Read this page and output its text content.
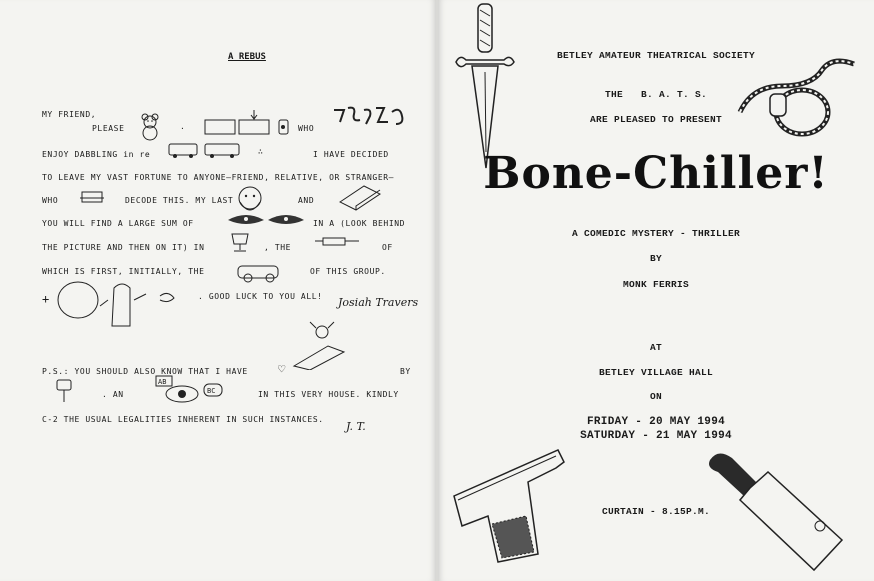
A REBUS
MY FRIEND,
PLEASE	·	WHO
ENJOY DABBLING in re	∴	I HAVE DECIDED
TO LEAVE MY VAST FORTUNE TO ANYONE—FRIEND, RELATIVE, OR STRANGER—
WHO	DECODE THIS. MY LAST	AND
YOU WILL FIND A LARGE SUM OF	IN A (LOOK BEHIND
THE PICTURE AND THEN ON IT) IN	, THE	OF
WHICH IS FIRST, INITIALLY, THE	OF THIS GROUP.
+	. GOOD LUCK TO YOU ALL! Josiah Travers
P.S.: YOU SHOULD ALSO KNOW THAT I HAVE	♡	BY
. AN
AB
BC	IN THIS VERY HOUSE. KINDLY
C-2 THE USUAL LEGALITIES INHERENT IN SUCH INSTANCES.
J. T.
BETLEY AMATEUR THEATRICAL SOCIETY
THE   B. A. T. S.
ARE PLEASED TO PRESENT
Bone-Chiller!
A COMEDIC MYSTERY - THRILLER
BY
MONK FERRIS
AT
BETLEY VILLAGE HALL
ON
FRIDAY - 20 MAY 1994
SATURDAY - 21 MAY 1994
CURTAIN - 8.15P.M.
